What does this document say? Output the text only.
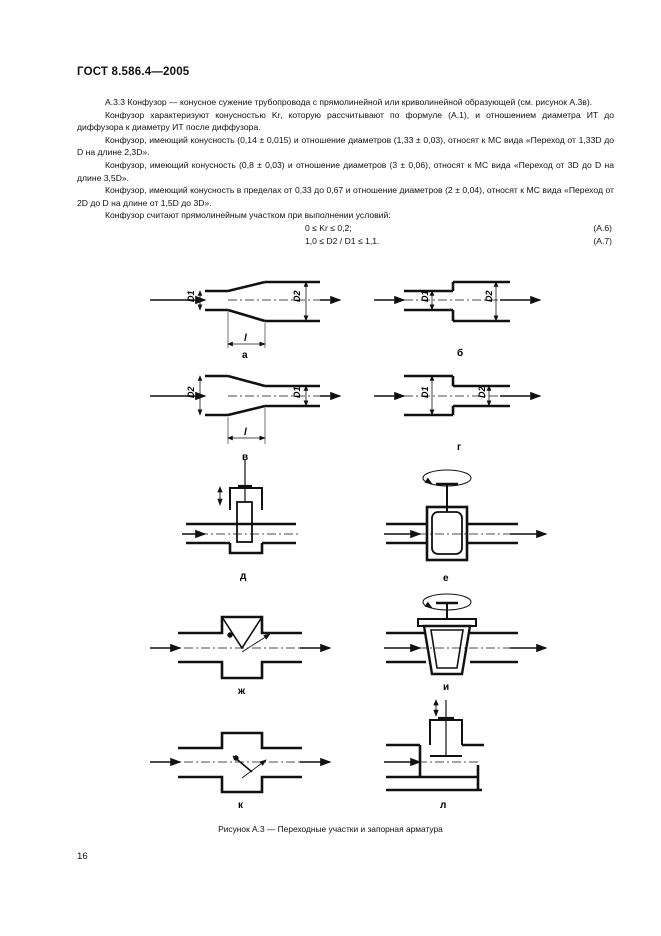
ГОСТ 8.586.4—2005

А.3.3 Конфузор — конусное сужение трубопровода с прямолинейной или криволинейной образующей (см. рисунок А.3в).

Конфузор характеризуют конусностью Kr, которую рассчитывают по формуле (А.1), и отношением диаметра ИТ до диффузора к диаметру ИТ после диффузора.

Конфузор, имеющий конусность (0,14 ± 0,015) и отношение диаметров (1,33 ± 0,03), относят к МС вида «Переход от 1,33D до D на длине 2,3D».

Конфузор, имеющий конусность (0,8 ± 0,03) и отношение диаметров (3 ± 0,06), относят к МС вида «Переход от 3D до D на длине 3,5D».

Конфузор, имеющий конусность в пределах от 0,33 до 0,67 и отношение диаметров (2 ± 0,04), относят к МС вида «Переход от 2D до D на длине от 1,5D до 3D».

Конфузор считают прямолинейным участком при выполнении условий:

0 ≤ Kr ≤ 0,2;	(А.6)
1,0 ≤ D2 / D1 ≤ 1,1.	(А.7)
D1	D2
l
а
D1	D2
б
D2	D1
l
в
D1	D2
г
д	е
ж	и
к	л
Рисунок А.3 — Переходные участки и запорная арматура
16
